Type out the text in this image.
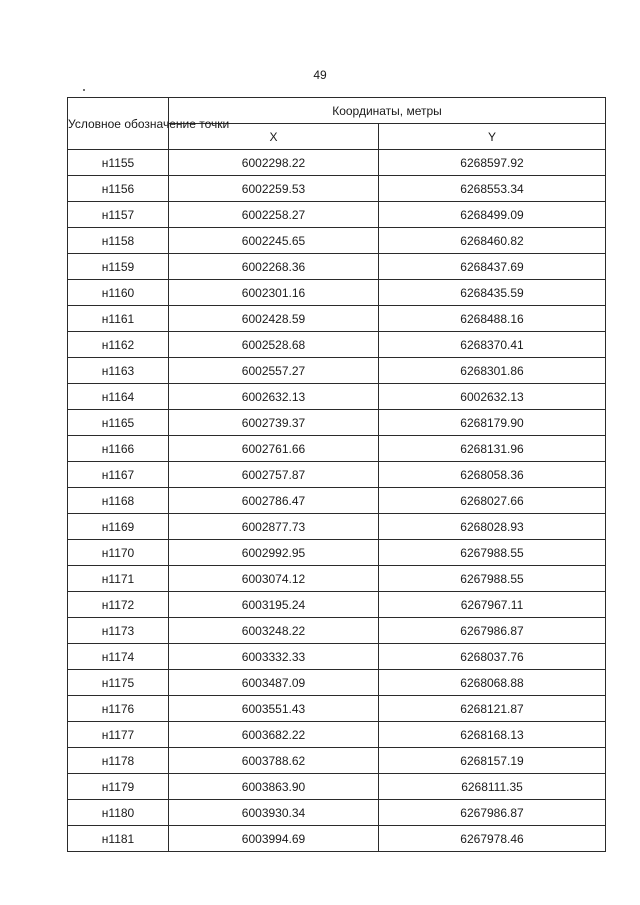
49
Условное обозначение точки	Координаты, метры	
	X	Y
н1155	6002298.22	6268597.92
н1156	6002259.53	6268553.34
н1157	6002258.27	6268499.09
н1158	6002245.65	6268460.82
н1159	6002268.36	6268437.69
н1160	6002301.16	6268435.59
н1161	6002428.59	6268488.16
н1162	6002528.68	6268370.41
н1163	6002557.27	6268301.86
н1164	6002632.13	6002632.13
н1165	6002739.37	6268179.90
н1166	6002761.66	6268131.96
н1167	6002757.87	6268058.36
н1168	6002786.47	6268027.66
н1169	6002877.73	6268028.93
н1170	6002992.95	6267988.55
н1171	6003074.12	6267988.55
н1172	6003195.24	6267967.11
н1173	6003248.22	6267986.87
н1174	6003332.33	6268037.76
н1175	6003487.09	6268068.88
н1176	6003551.43	6268121.87
н1177	6003682.22	6268168.13
н1178	6003788.62	6268157.19
н1179	6003863.90	6268111.35
н1180	6003930.34	6267986.87
н1181	6003994.69	6267978.46
